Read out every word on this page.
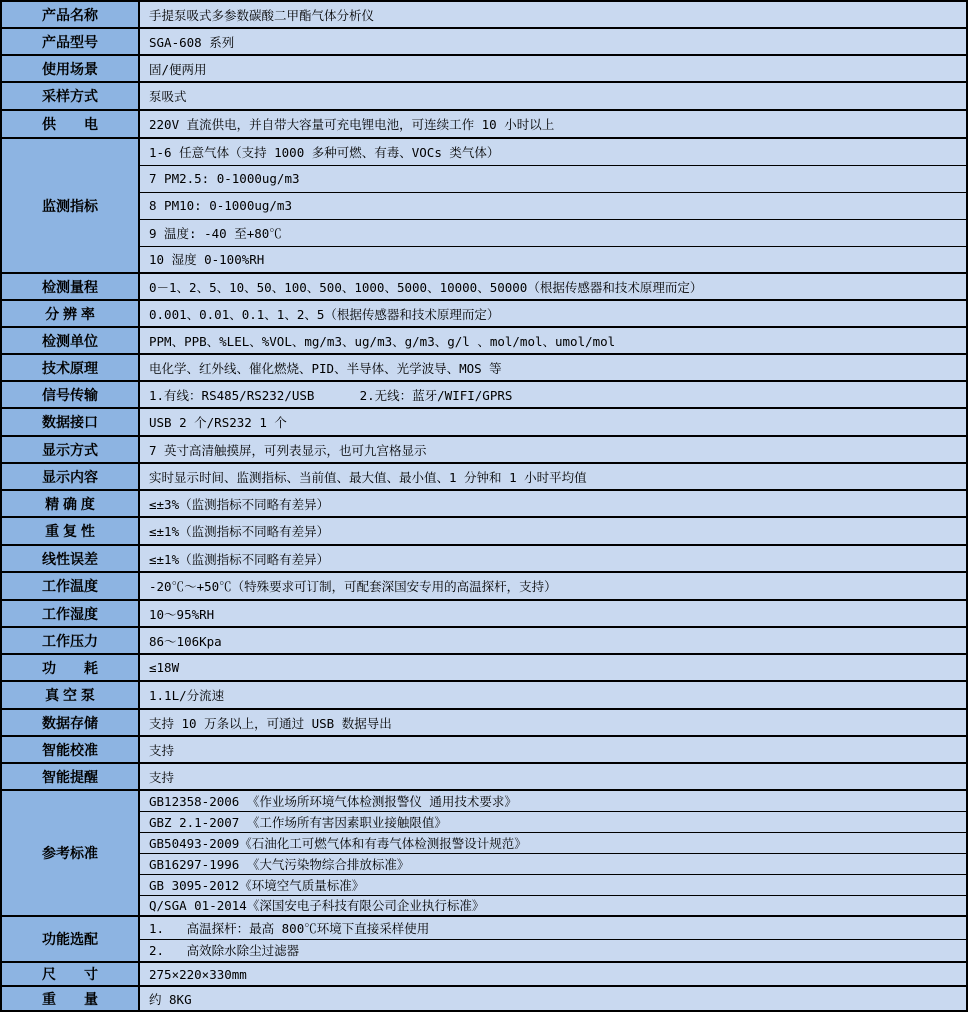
产品名称	手提泵吸式多参数碳酸二甲酯气体分析仪
产品型号	SGA-608 系列
使用场景	固/便两用
采样方式	泵吸式
供　　电	220V 直流供电，并自带大容量可充电锂电池，可连续工作 10 小时以上
监测指标	1-6 任意气体（支持 1000 多种可燃、有毒、VOCs 类气体）
	7 PM2.5: 0-1000ug/m3
	8 PM10: 0-1000ug/m3
	9 温度: -40 至+80℃
	10 湿度 0-100%RH
检测量程	0－1、2、5、10、50、100、500、1000、5000、10000、50000（根据传感器和技术原理而定）
分 辨 率	0.001、0.01、0.1、1、2、5（根据传感器和技术原理而定）
检测单位	PPM、PPB、%LEL、%VOL、mg/m3、ug/m3、g/m3、g/l 、mol/mol、umol/mol
技术原理	电化学、红外线、催化燃烧、PID、半导体、光学波导、MOS 等
信号传输	1.有线：RS485/RS232/USB      2.无线：蓝牙/WIFI/GPRS
数据接口	USB 2 个/RS232 1 个
显示方式	7 英寸高清触摸屏，可列表显示，也可九宫格显示
显示内容	实时显示时间、监测指标、当前值、最大值、最小值、1 分钟和 1 小时平均值
精 确 度	≤±3%（监测指标不同略有差异）
重 复 性	≤±1%（监测指标不同略有差异）
线性误差	≤±1%（监测指标不同略有差异）
工作温度	-20℃～+50℃（特殊要求可订制，可配套深国安专用的高温探杆，支持）
工作湿度	10～95%RH
工作压力	86～106Kpa
功　　耗	≤18W
真 空 泵	1.1L/分流速
数据存储	支持 10 万条以上，可通过 USB 数据导出
智能校准	支持
智能提醒	支持
参考标准	GB12358-2006 《作业场所环境气体检测报警仪 通用技术要求》
	GBZ 2.1-2007 《工作场所有害因素职业接触限值》
	GB50493-2009《石油化工可燃气体和有毒气体检测报警设计规范》
	GB16297-1996 《大气污染物综合排放标准》
	GB 3095-2012《环境空气质量标准》
	Q/SGA 01-2014《深国安电子科技有限公司企业执行标准》
功能选配	1.   高温探杆：最高 800℃环境下直接采样使用
	2.   高效除水除尘过滤器
尺　　寸	275×220×330mm
重　　量	约 8KG
